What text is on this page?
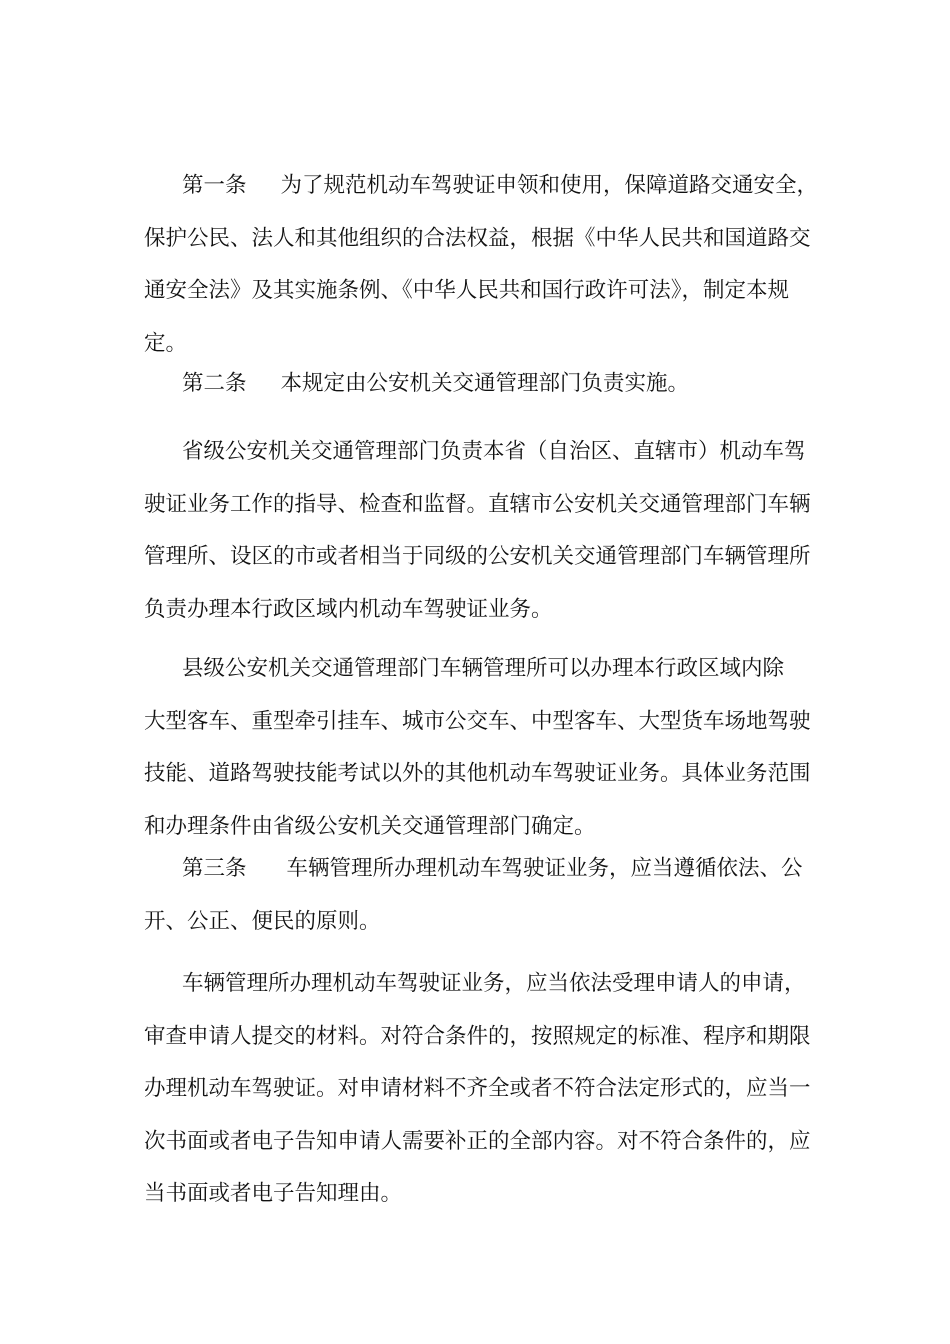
第一条 为了规范机动车驾驶证申领和使用，保障道路交通安全，
保护公民、法人和其他组织的合法权益，根据《中华人民共和国道路交
通安全法》及其实施条例、《中华人民共和国行政许可法》，制定本规
定。
第二条 本规定由公安机关交通管理部门负责实施。
省级公安机关交通管理部门负责本省（自治区、直辖市）机动车驾
驶证业务工作的指导、检查和监督。直辖市公安机关交通管理部门车辆
管理所、设区的市或者相当于同级的公安机关交通管理部门车辆管理所
负责办理本行政区域内机动车驾驶证业务。
县级公安机关交通管理部门车辆管理所可以办理本行政区域内除
大型客车、重型牵引挂车、城市公交车、中型客车、大型货车场地驾驶
技能、道路驾驶技能考试以外的其他机动车驾驶证业务。具体业务范围
和办理条件由省级公安机关交通管理部门确定。
第三条 车辆管理所办理机动车驾驶证业务，应当遵循依法、公
开、公正、便民的原则。
车辆管理所办理机动车驾驶证业务，应当依法受理申请人的申请，
审查申请人提交的材料。对符合条件的，按照规定的标准、程序和期限
办理机动车驾驶证。对申请材料不齐全或者不符合法定形式的，应当一
次书面或者电子告知申请人需要补正的全部内容。对不符合条件的，应
当书面或者电子告知理由。
